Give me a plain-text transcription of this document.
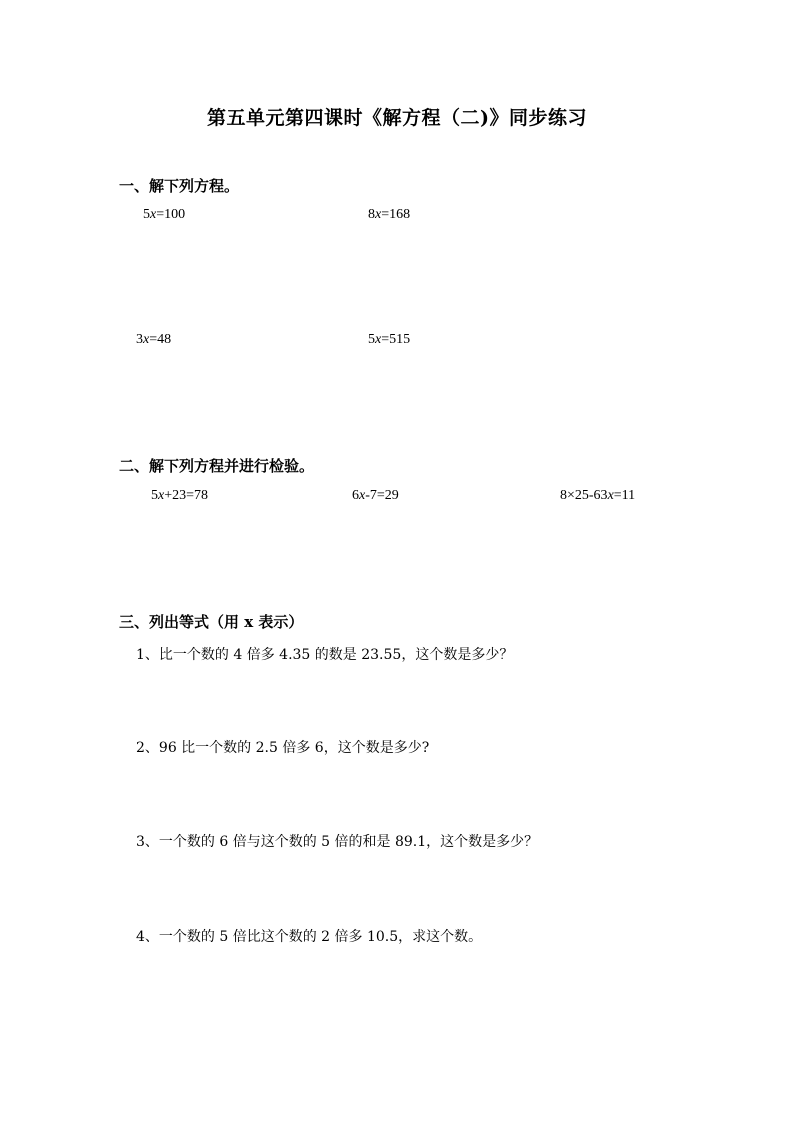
第五单元第四课时《解方程（二)》同步练习
一、解下列方程。
5x=100	8x=168
3x=48	5x=515
二、解下列方程并进行检验。
5x+23=78	6x-7=29	8×25-63x=11
三、列出等式（用 x 表示）
1、比一个数的 4 倍多 4.35 的数是 23.55，这个数是多少？
2、96 比一个数的 2.5 倍多 6，这个数是多少?
3、一个数的 6 倍与这个数的 5 倍的和是 89.1，这个数是多少？
4、一个数的 5 倍比这个数的 2 倍多 10.5，求这个数。
